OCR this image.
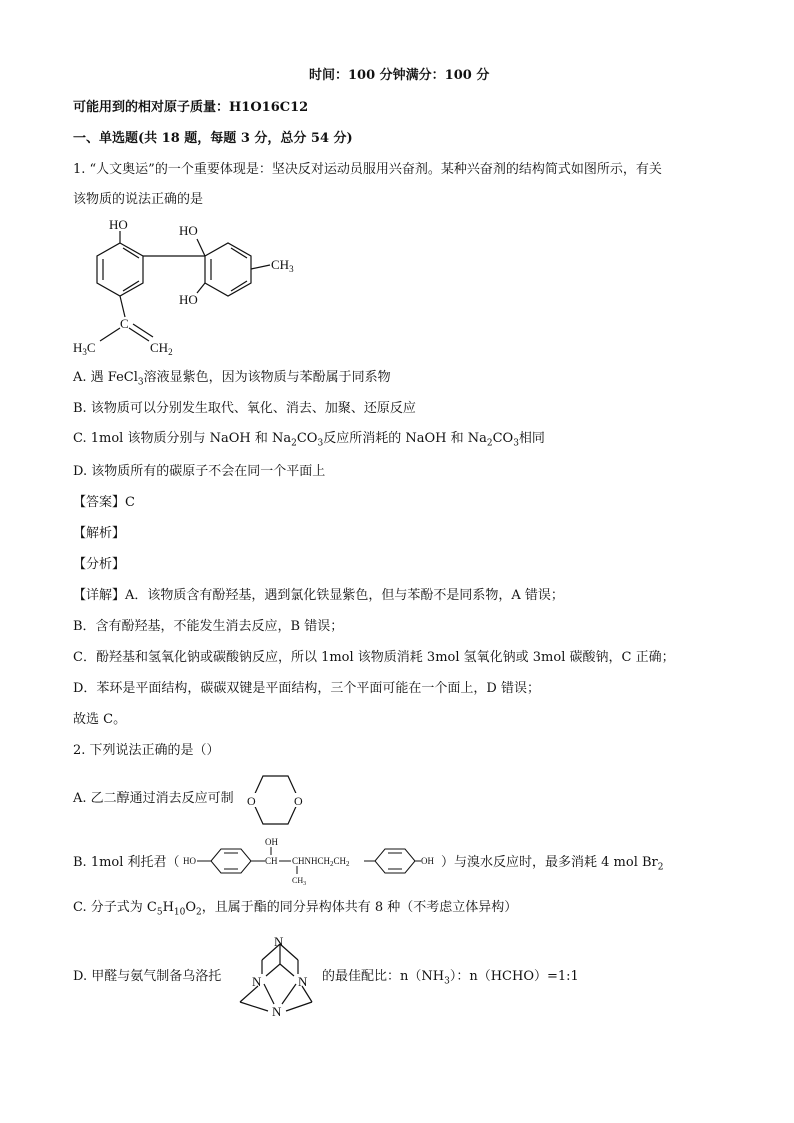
时间：100 分钟满分：100 分
可能用到的相对原子质量：H1O16C12
一、单选题(共 18 题，每题 3 分，总分 54 分)
1. “人文奥运”的一个重要体现是：坚决反对运动员服用兴奋剂。某种兴奋剂的结构简式如图所示，有关
该物质的说法正确的是
HO	HO
HO
$CH_3$
C
$H_3C$	$CH_2$
A. 遇 FeCl$_3$溶液显紫色，因为该物质与苯酚属于同系物
B. 该物质可以分别发生取代、氧化、消去、加聚、还原反应
C. 1mol 该物质分别与 NaOH 和 $Na_2CO_3$反应所消耗的 NaOH 和 $Na_2CO_3$相同
D. 该物质所有的碳原子不会在同一个平面上
【答案】C
【解析】
【分析】
【详解】A．该物质含有酚羟基，遇到氯化铁显紫色，但与苯酚不是同系物，A 错误；
B．含有酚羟基，不能发生消去反应，B 错误；
C．酚羟基和氢氧化钠或碳酸钠反应，所以 1mol 该物质消耗 3mol 氢氧化钠或 3mol 碳酸钠，C 正确；
D．苯环是平面结构，碳碳双键是平面结构，三个平面可能在一个面上，D 错误；
故选 C。
2. 下列说法正确的是（）
A. 乙二醇通过消去反应可制 O	O
B. 1mol 利托君（ HO	CH
OH
$CHNHCH_2CH_2$
$CH_3$
OH ）与溴水反应时，最多消耗 4 mol $Br_2$
C. 分子式为 $C_5H_{10}O_2$，且属于酯的同分异构体共有 8 种（不考虑立体异构）
D. 甲醛与氨气制备乌洛托
N
N	N
N
的最佳配比：$n(NH_3)$：n（HCHO）=1:1
